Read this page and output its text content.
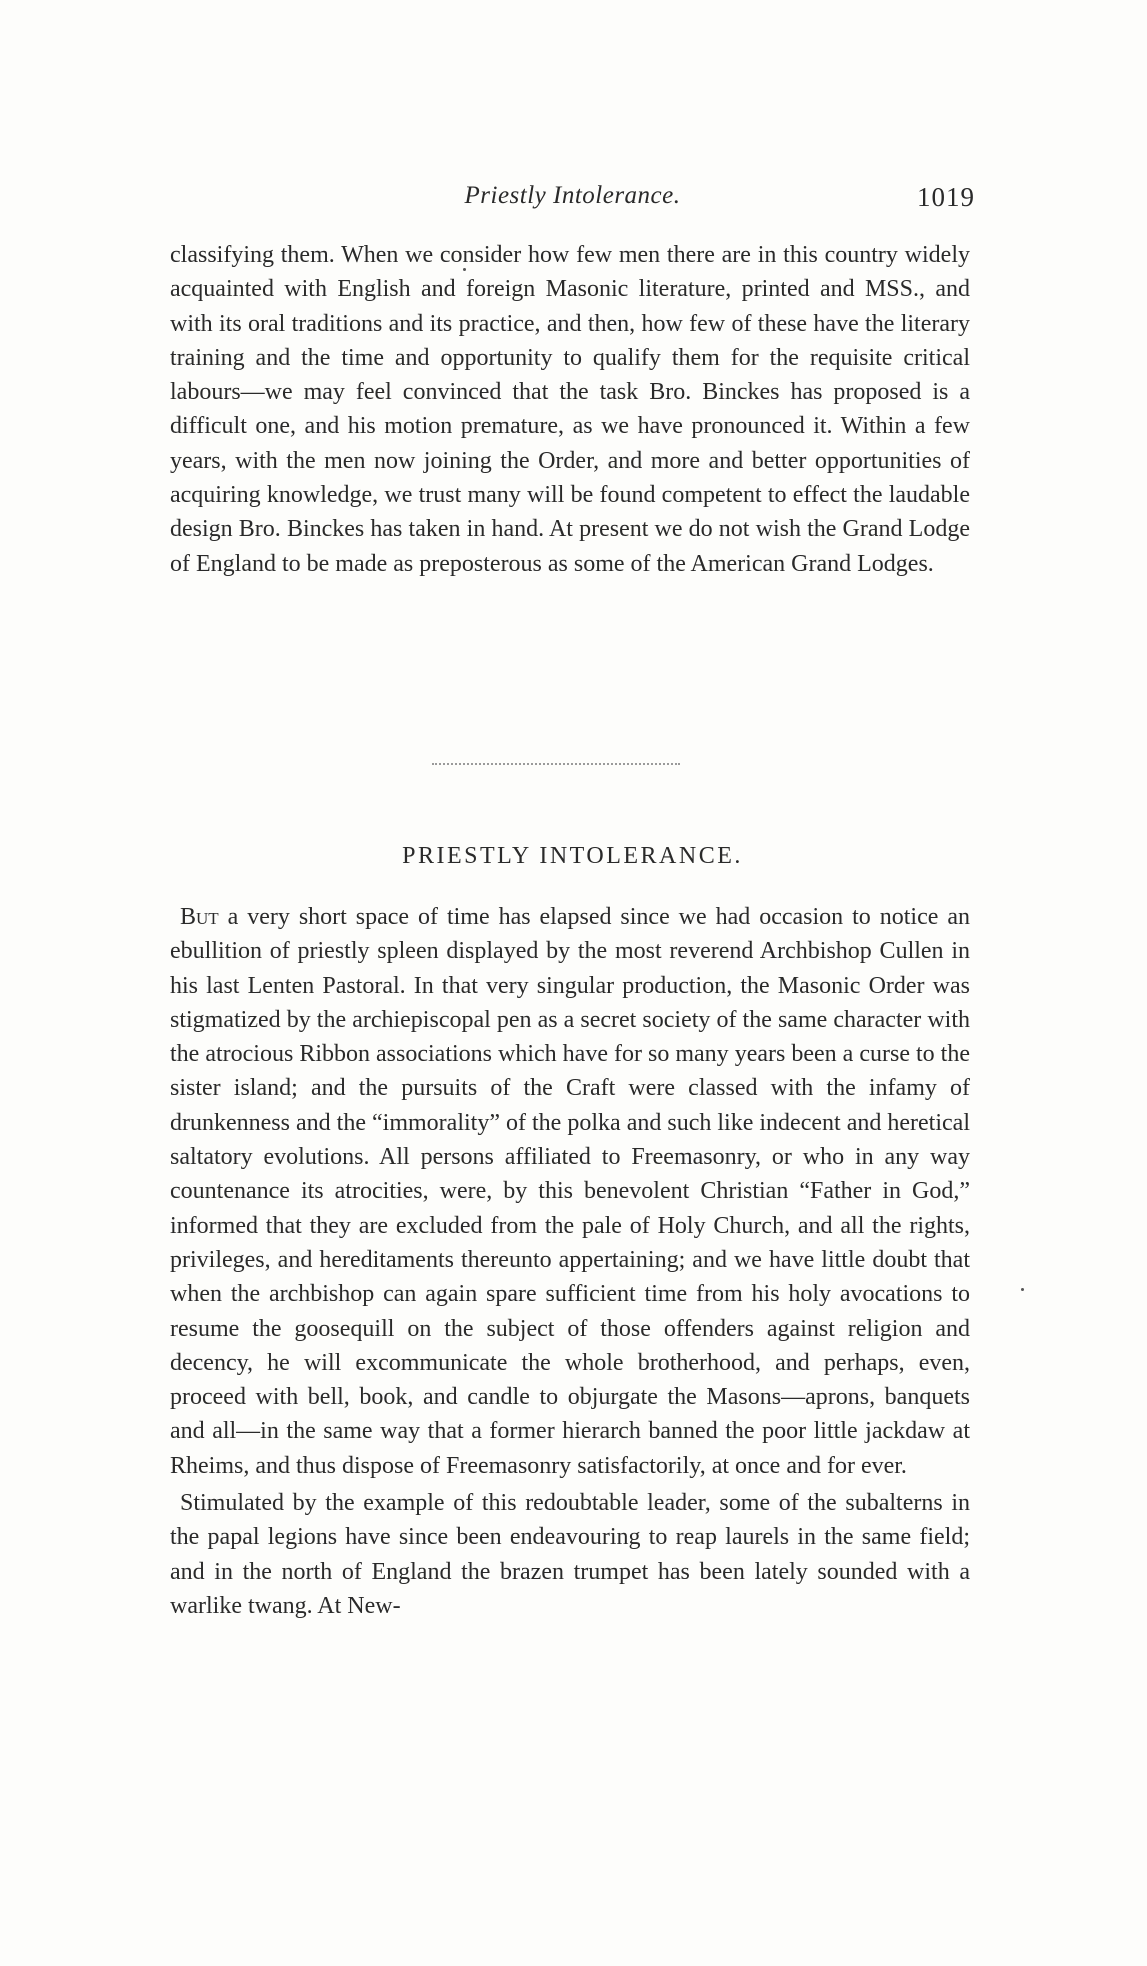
Priestly Intolerance.	1019

classifying them. When we consider how few men there are in this country widely acquainted with English and foreign Masonic literature, printed and MSS., and with its oral traditions and its practice, and then, how few of these have the literary training and the time and opportunity to qualify them for the requisite critical labours—we may feel convinced that the task Bro. Binckes has proposed is a difficult one, and his motion premature, as we have pronounced it. Within a few years, with the men now joining the Order, and more and better opportunities of acquiring knowledge, we trust many will be found competent to effect the laudable design Bro. Binckes has taken in hand. At present we do not wish the Grand Lodge of England to be made as preposterous as some of the American Grand Lodges.

PRIESTLY INTOLERANCE.

But a very short space of time has elapsed since we had occasion to notice an ebullition of priestly spleen displayed by the most reverend Archbishop Cullen in his last Lenten Pastoral. In that very singular production, the Masonic Order was stigmatized by the archiepiscopal pen as a secret society of the same character with the atrocious Ribbon associations which have for so many years been a curse to the sister island; and the pursuits of the Craft were classed with the infamy of drunkenness and the “immorality” of the polka and such like indecent and heretical saltatory evolutions. All persons affiliated to Freemasonry, or who in any way countenance its atrocities, were, by this benevolent Christian “Father in God,” informed that they are excluded from the pale of Holy Church, and all the rights, privileges, and hereditaments thereunto appertaining; and we have little doubt that when the archbishop can again spare sufficient time from his holy avocations to resume the goosequill on the subject of those offenders against religion and decency, he will excommunicate the whole brotherhood, and perhaps, even, proceed with bell, book, and candle to objurgate the Masons—aprons, banquets and all—in the same way that a former hierarch banned the poor little jackdaw at Rheims, and thus dispose of Freemasonry satisfactorily, at once and for ever.

Stimulated by the example of this redoubtable leader, some of the subalterns in the papal legions have since been endeavouring to reap laurels in the same field; and in the north of England the brazen trumpet has been lately sounded with a warlike twang. At New-
